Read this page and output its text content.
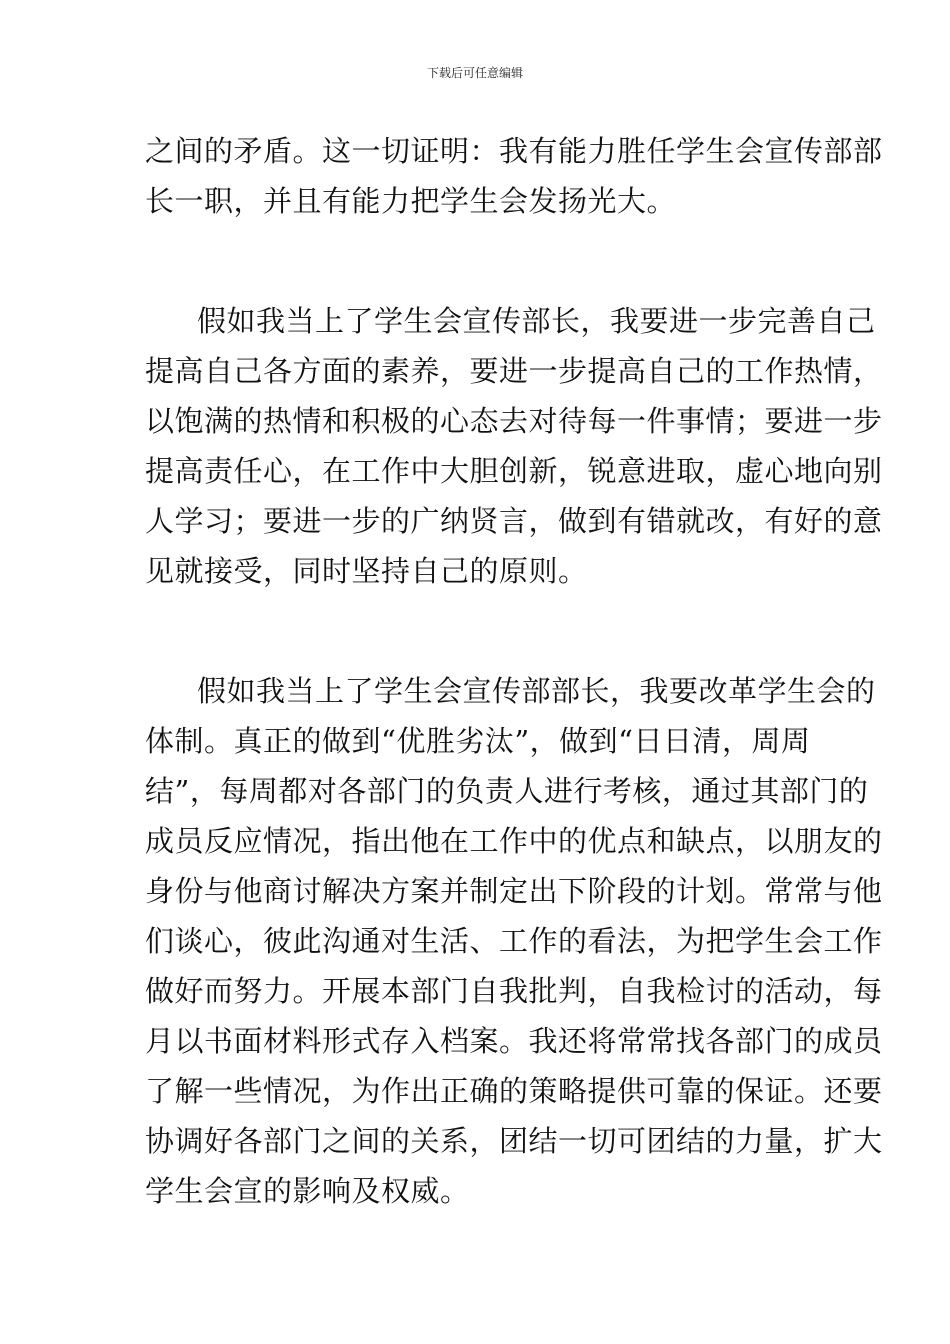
下载后可任意编辑
之间的矛盾。这一切证明：我有能力胜任学生会宣传部部
长一职，并且有能力把学生会发扬光大。
假如我当上了学生会宣传部长，我要进一步完善自己
提高自己各方面的素养，要进一步提高自己的工作热情，
以饱满的热情和积极的心态去对待每一件事情；要进一步
提高责任心，在工作中大胆创新，锐意进取，虚心地向别
人学习；要进一步的广纳贤言，做到有错就改，有好的意
见就接受，同时坚持自己的原则。
假如我当上了学生会宣传部部长，我要改革学生会的
体制。真正的做到“优胜劣汰”，做到“日日清，周周
结”，每周都对各部门的负责人进行考核，通过其部门的
成员反应情况，指出他在工作中的优点和缺点，以朋友的
身份与他商讨解决方案并制定出下阶段的计划。常常与他
们谈心，彼此沟通对生活、工作的看法，为把学生会工作
做好而努力。开展本部门自我批判，自我检讨的活动，每
月以书面材料形式存入档案。我还将常常找各部门的成员
了解一些情况，为作出正确的策略提供可靠的保证。还要
协调好各部门之间的关系，团结一切可团结的力量，扩大
学生会宣的影响及权威。
